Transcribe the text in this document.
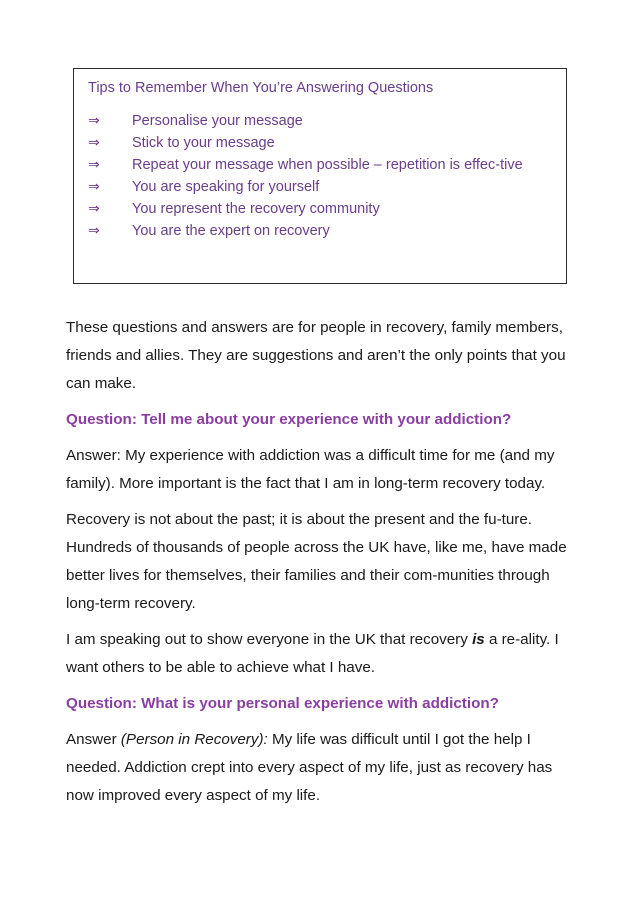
Tips to Remember When You’re Answering Questions
⇒	Personalise your message
⇒	Stick to your message
⇒	Repeat your message when possible – repetition is effec-tive
⇒	You are speaking for yourself
⇒	You represent the recovery community
⇒	You are the expert on recovery

These questions and answers are for people in recovery, family members, friends and allies. They are suggestions and aren’t the only points that you can make.

Question: Tell me about your experience with your addiction?

Answer: My experience with addiction was a difficult time for me (and my family). More important is the fact that I am in long-term recovery today.

Recovery is not about the past; it is about the present and the fu-ture. Hundreds of thousands of people across the UK have, like me, have made better lives for themselves, their families and their com-munities through long-term recovery.

I am speaking out to show everyone in the UK that recovery is a re-ality. I want others to be able to achieve what I have.

Question: What is your personal experience with addiction?

Answer (Person in Recovery): My life was difficult until I got the help I needed. Addiction crept into every aspect of my life, just as recovery has now improved every aspect of my life.
